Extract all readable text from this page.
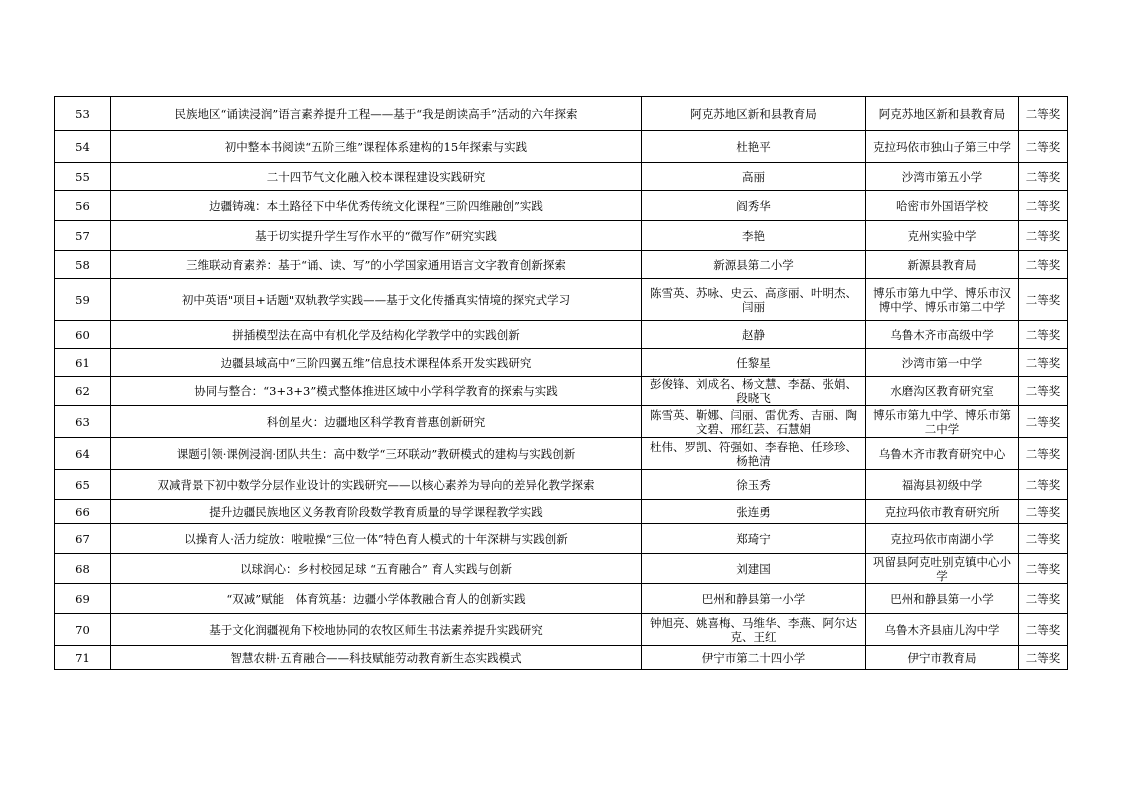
53	民族地区“诵读浸润”语言素养提升工程——基于“我是朗读高手”活动的六年探索	阿克苏地区新和县教育局	阿克苏地区新和县教育局	二等奖
54	初中整本书阅读“五阶三维”课程体系建构的15年探索与实践	杜艳平	克拉玛依市独山子第三中学	二等奖
55	二十四节气文化融入校本课程建设实践研究	高丽	沙湾市第五小学	二等奖
56	边疆铸魂：本土路径下中华优秀传统文化课程“三阶四维融创”实践	阎秀华	哈密市外国语学校	二等奖
57	基于切实提升学生写作水平的“微写作”研究实践	李艳	克州实验中学	二等奖
58	三维联动育素养：基于“诵、读、写”的小学国家通用语言文字教育创新探索	新源县第二小学	新源县教育局	二等奖
59	初中英语"项目+话题"双轨教学实践——基于文化传播真实情境的探究式学习	陈雪英、苏咏、史云、高彦丽、叶明杰、闫丽	博乐市第九中学、博乐市汉博中学、博乐市第二中学	二等奖
60	拼插模型法在高中有机化学及结构化学教学中的实践创新	赵静	乌鲁木齐市高级中学	二等奖
61	边疆县域高中“三阶四翼五维”信息技术课程体系开发实践研究	任黎星	沙湾市第一中学	二等奖
62	协同与整合：“3+3+3”模式整体推进区域中小学科学教育的探索与实践	彭俊锋、刘成名、杨文慧、李磊、张娟、段晓飞	水磨沟区教育研究室	二等奖
63	科创星火：边疆地区科学教育普惠创新研究	陈雪英、靳娜、闫丽、雷优秀、吉丽、陶文碧、邢红芸、石慧娟	博乐市第九中学、博乐市第二中学	二等奖
64	课题引领·课例浸润·团队共生：高中数学“三环联动”教研模式的建构与实践创新	杜伟、罗凯、符强如、李春艳、任珍珍、杨艳清	乌鲁木齐市教育研究中心	二等奖
65	双减背景下初中数学分层作业设计的实践研究——以核心素养为导向的差异化教学探索	徐玉秀	福海县初级中学	二等奖
66	提升边疆民族地区义务教育阶段数学教育质量的导学课程教学实践	张连勇	克拉玛依市教育研究所	二等奖
67	以操育人·活力绽放：啦啦操“三位一体”特色育人模式的十年深耕与实践创新	郑琦宁	克拉玛依市南湖小学	二等奖
68	以球润心：乡村校园足球 “五育融合” 育人实践与创新	刘建国	巩留县阿克吐别克镇中心小学	二等奖
69	“双减”赋能　体育筑基：边疆小学体教融合育人的创新实践	巴州和静县第一小学	巴州和静县第一小学	二等奖
70	基于文化润疆视角下校地协同的农牧区师生书法素养提升实践研究	钟旭亮、姚喜梅、马维华、李燕、阿尔达克、王红	乌鲁木齐县庙儿沟中学	二等奖
71	智慧农耕·五育融合——科技赋能劳动教育新生态实践模式	伊宁市第二十四小学	伊宁市教育局	二等奖
